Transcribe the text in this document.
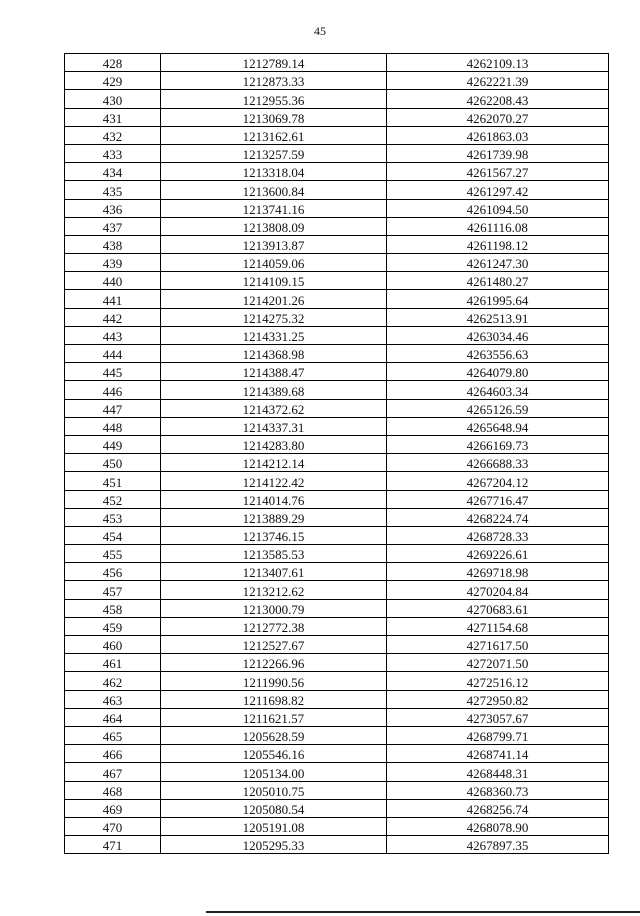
45
428	1212789.14	4262109.13
429	1212873.33	4262221.39
430	1212955.36	4262208.43
431	1213069.78	4262070.27
432	1213162.61	4261863.03
433	1213257.59	4261739.98
434	1213318.04	4261567.27
435	1213600.84	4261297.42
436	1213741.16	4261094.50
437	1213808.09	4261116.08
438	1213913.87	4261198.12
439	1214059.06	4261247.30
440	1214109.15	4261480.27
441	1214201.26	4261995.64
442	1214275.32	4262513.91
443	1214331.25	4263034.46
444	1214368.98	4263556.63
445	1214388.47	4264079.80
446	1214389.68	4264603.34
447	1214372.62	4265126.59
448	1214337.31	4265648.94
449	1214283.80	4266169.73
450	1214212.14	4266688.33
451	1214122.42	4267204.12
452	1214014.76	4267716.47
453	1213889.29	4268224.74
454	1213746.15	4268728.33
455	1213585.53	4269226.61
456	1213407.61	4269718.98
457	1213212.62	4270204.84
458	1213000.79	4270683.61
459	1212772.38	4271154.68
460	1212527.67	4271617.50
461	1212266.96	4272071.50
462	1211990.56	4272516.12
463	1211698.82	4272950.82
464	1211621.57	4273057.67
465	1205628.59	4268799.71
466	1205546.16	4268741.14
467	1205134.00	4268448.31
468	1205010.75	4268360.73
469	1205080.54	4268256.74
470	1205191.08	4268078.90
471	1205295.33	4267897.35
